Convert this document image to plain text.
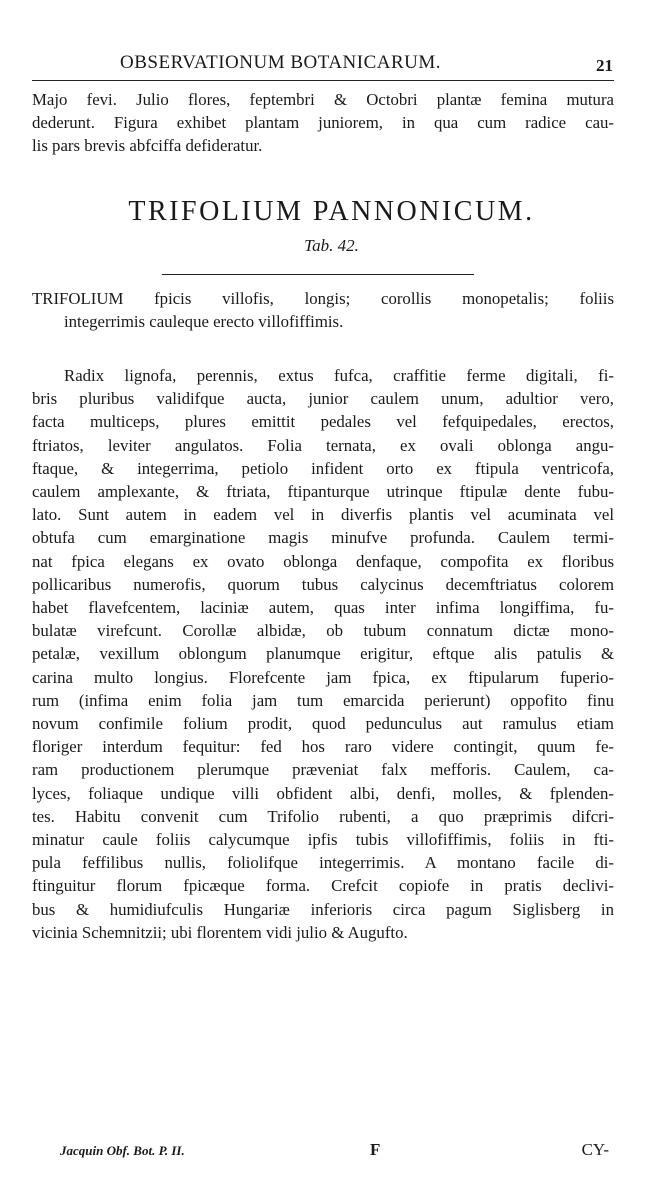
OBSERVATIONUM BOTANICARUM.	21
Majo fevi. Julio flores, feptembri & Octobri plantæ femina mutura
dederunt. Figura exhibet plantam juniorem, in qua cum radice cau-
lis pars brevis abfciffa defideratur.
TRIFOLIUM PANNONICUM.
Tab. 42.
TRIFOLIUM fpicis villofis, longis; corollis monopetalis; foliis
integerrimis cauleque erecto villofiffimis.
Radix lignofa, perennis, extus fufca, craffitie ferme digitali, fi-
bris pluribus validifque aucta, junior caulem unum, adultior vero,
facta multiceps, plures emittit pedales vel fefquipedales, erectos,
ftriatos, leviter angulatos. Folia ternata, ex ovali oblonga angu-
ftaque, & integerrima, petiolo infident orto ex ftipula ventricofa,
caulem amplexante, & ftriata, ftipanturque utrinque ftipulæ dente fubu-
lato. Sunt autem in eadem vel in diverfis plantis vel acuminata vel
obtufa cum emarginatione magis minufve profunda. Caulem termi-
nat fpica elegans ex ovato oblonga denfaque, compofita ex floribus
pollicaribus numerofis, quorum tubus calycinus decemftriatus colorem
habet flavefcentem, laciniæ autem, quas inter infima longiffima, fu-
bulatæ virefcunt. Corollæ albidæ, ob tubum connatum dictæ mono-
petalæ, vexillum oblongum planumque erigitur, eftque alis patulis &
carina multo longius. Florefcente jam fpica, ex ftipularum fuperio-
rum (infima enim folia jam tum emarcida perierunt) oppofito finu
novum confimile folium prodit, quod pedunculus aut ramulus etiam
floriger interdum fequitur: fed hos raro videre contingit, quum fe-
ram productionem plerumque præveniat falx mefforis. Caulem, ca-
lyces, foliaque undique villi obfident albi, denfi, molles, & fplenden-
tes. Habitu convenit cum Trifolio rubenti, a quo præprimis difcri-
minatur caule foliis calycumque ipfis tubis villofiffimis, foliis in fti-
pula feffilibus nullis, foliolifque integerrimis. A montano facile di-
ftinguitur florum fpicæque forma. Crefcit copiofe in pratis declivi-
bus & humidiufculis Hungariæ inferioris circa pagum Siglisberg in
vicinia Schemnitzii; ubi florentem vidi julio & Augufto.
Jacquin Obf. Bot. P. II.	F	CY-
